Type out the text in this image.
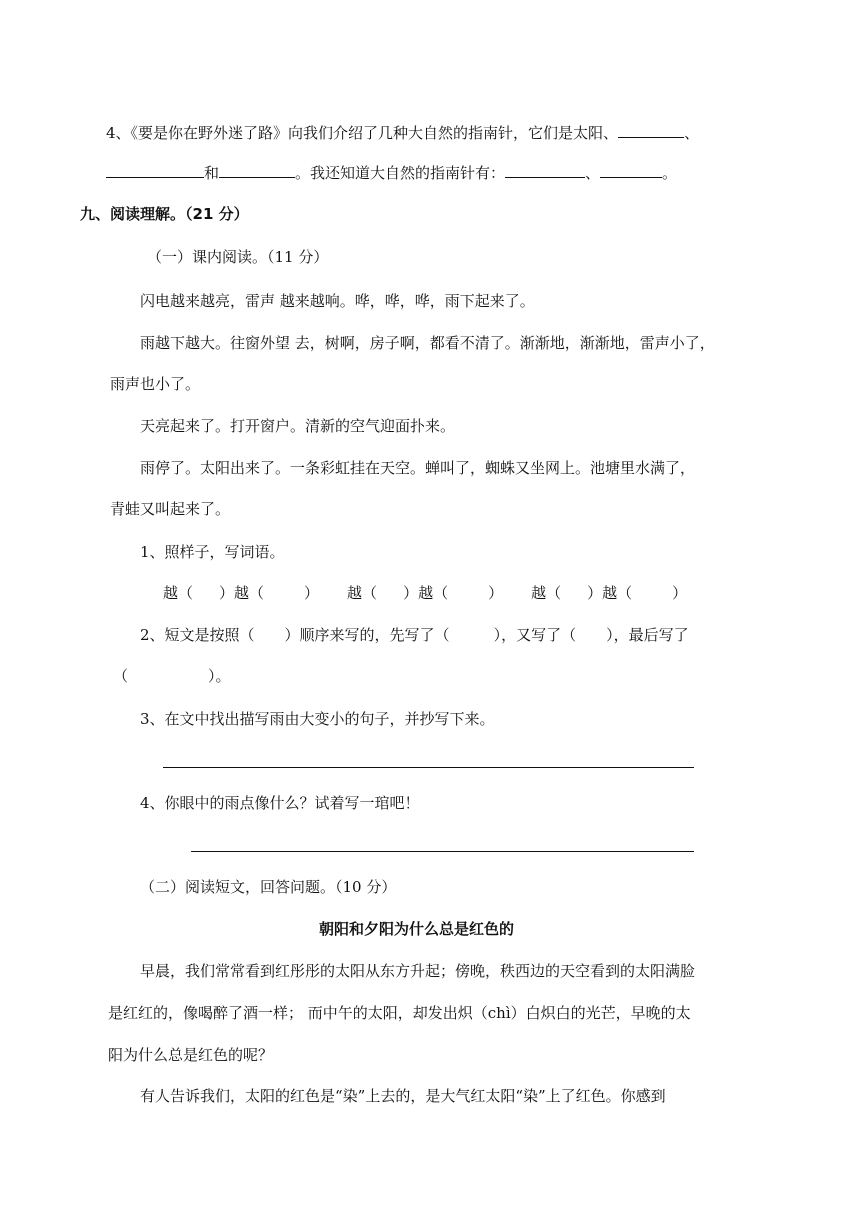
4、《要是你在野外迷了路》向我们介绍了几种大自然的指南针，它们是太阳、	、
和	。我还知道大自然的指南针有：	、	。
九、阅读理解。（21 分）
（一）课内阅读。（11 分）
闪电越来越亮，雷声 越来越响。哗，哗，哗，雨下起来了。
雨越下越大。往窗外望 去，树啊，房子啊，都看不清了。渐渐地，渐渐地，雷声小了，
雨声也小了。
天亮起来了。打开窗户。清新的空气迎面扑来。
雨停了。太阳出来了。一条彩虹挂在天空。蝉叫了，蜘蛛又坐网上。池塘里水满了，
青蛙又叫起来了。
1、照样子，写词语。
越（ ）越（	） 越（ ）越（	） 越（ ）越（	）
2、短文是按照（ ）顺序来写的，先写了（	），又写了（ ），最后写了
（	）。
3、在文中找出描写雨由大变小的句子，并抄写下来。
4、你眼中的雨点像什么？试着写一琯吧！
（二）阅读短文，回答问题。（10 分）
朝阳和夕阳为什么总是红色的
早晨，我们常常看到红彤彤的太阳从东方升起；傍晚，秩西边的天空看到的太阳满脸
是红红的，像喝醉了酒一样； 而中午的太阳，却发出炽（chì）白炽白的光芒，早晚的太
阳为什么总是红色的呢？
有人告诉我们，太阳的红色是“染”上去的，是大气红太阳“染”上了红色。你感到
